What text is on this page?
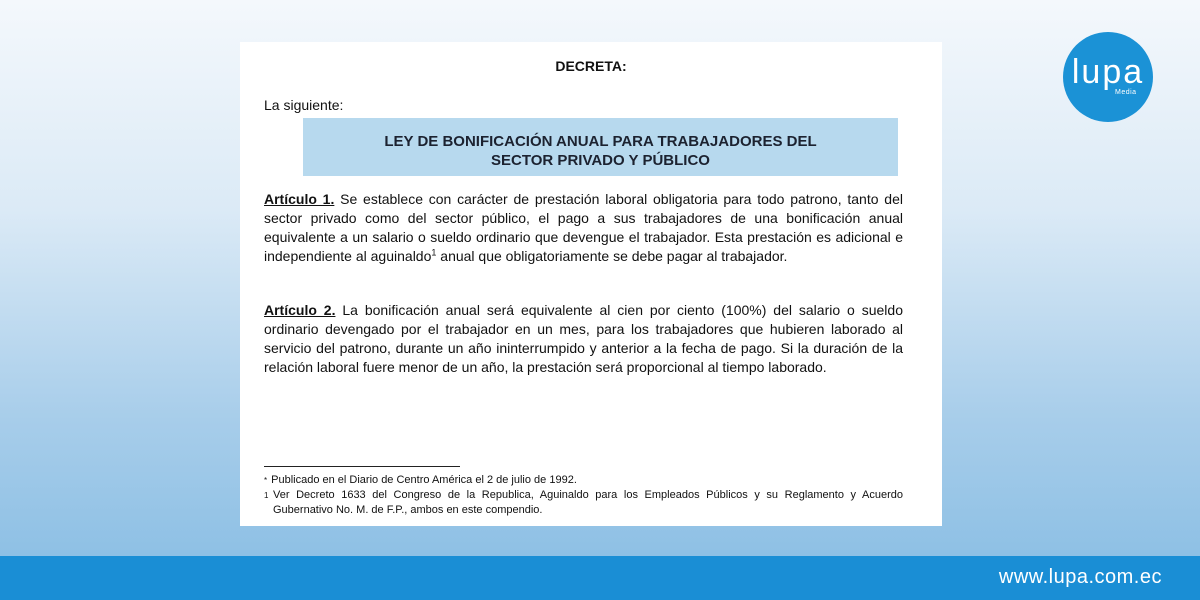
DECRETA:
La siguiente:
LEY DE BONIFICACIÓN ANUAL PARA TRABAJADORES DEL
SECTOR PRIVADO Y PÚBLICO
Artículo 1. Se establece con carácter de prestación laboral obligatoria para todo patrono, tanto del sector privado como del sector público, el pago a sus trabajadores de una bonificación anual equivalente a un salario o sueldo ordinario que devengue el trabajador. Esta prestación es adicional e independiente al aguinaldo$^1$ anual que obligatoriamente se debe pagar al trabajador.
Artículo 2. La bonificación anual será equivalente al cien por ciento (100%) del salario o sueldo ordinario devengado por el trabajador en un mes, para los trabajadores que hubieren laborado al servicio del patrono, durante un año ininterrumpido y anterior a la fecha de pago. Si la duración de la relación laboral fuere menor de un año, la prestación será proporcional al tiempo laborado.
* Publicado en el Diario de Centro América el 2 de julio de 1992.
$^1$ Ver Decreto 1633 del Congreso de la Republica, Aguinaldo para los Empleados Públicos y su Reglamento y Acuerdo Gubernativo No. M. de F.P., ambos en este compendio.
lupa
Media
www.lupa.com.ec
